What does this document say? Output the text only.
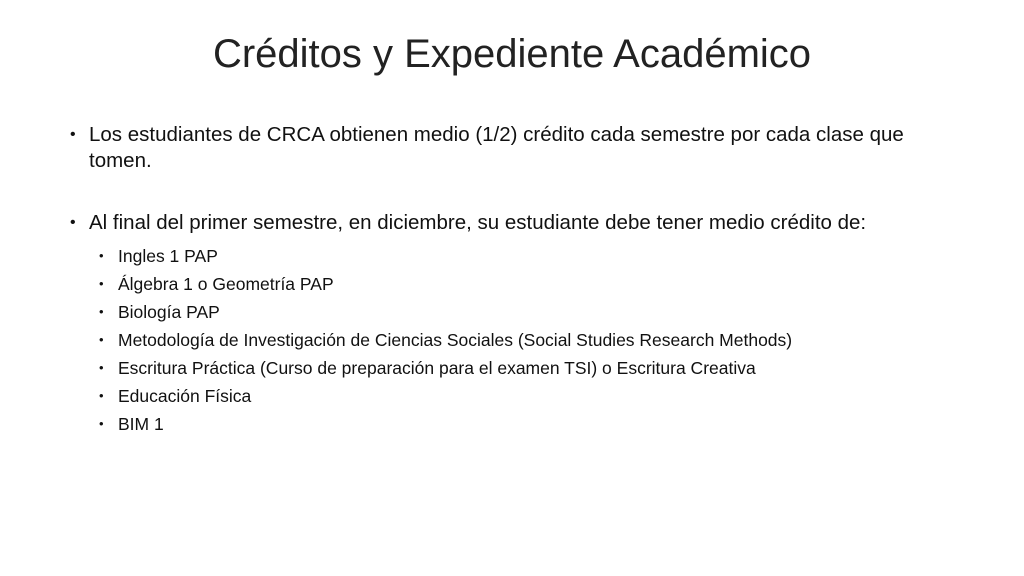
Créditos y Expediente Académico
• Los estudiantes de CRCA obtienen medio (1/2) crédito cada semestre por cada clase que tomen.
• Al final del primer semestre, en diciembre, su estudiante debe tener medio crédito de:
• Ingles 1 PAP
• Álgebra 1 o Geometría PAP
• Biología PAP
• Metodología de Investigación de Ciencias Sociales (Social Studies Research Methods)
• Escritura Práctica (Curso de preparación para el examen TSI) o Escritura Creativa
• Educación Física
• BIM 1
